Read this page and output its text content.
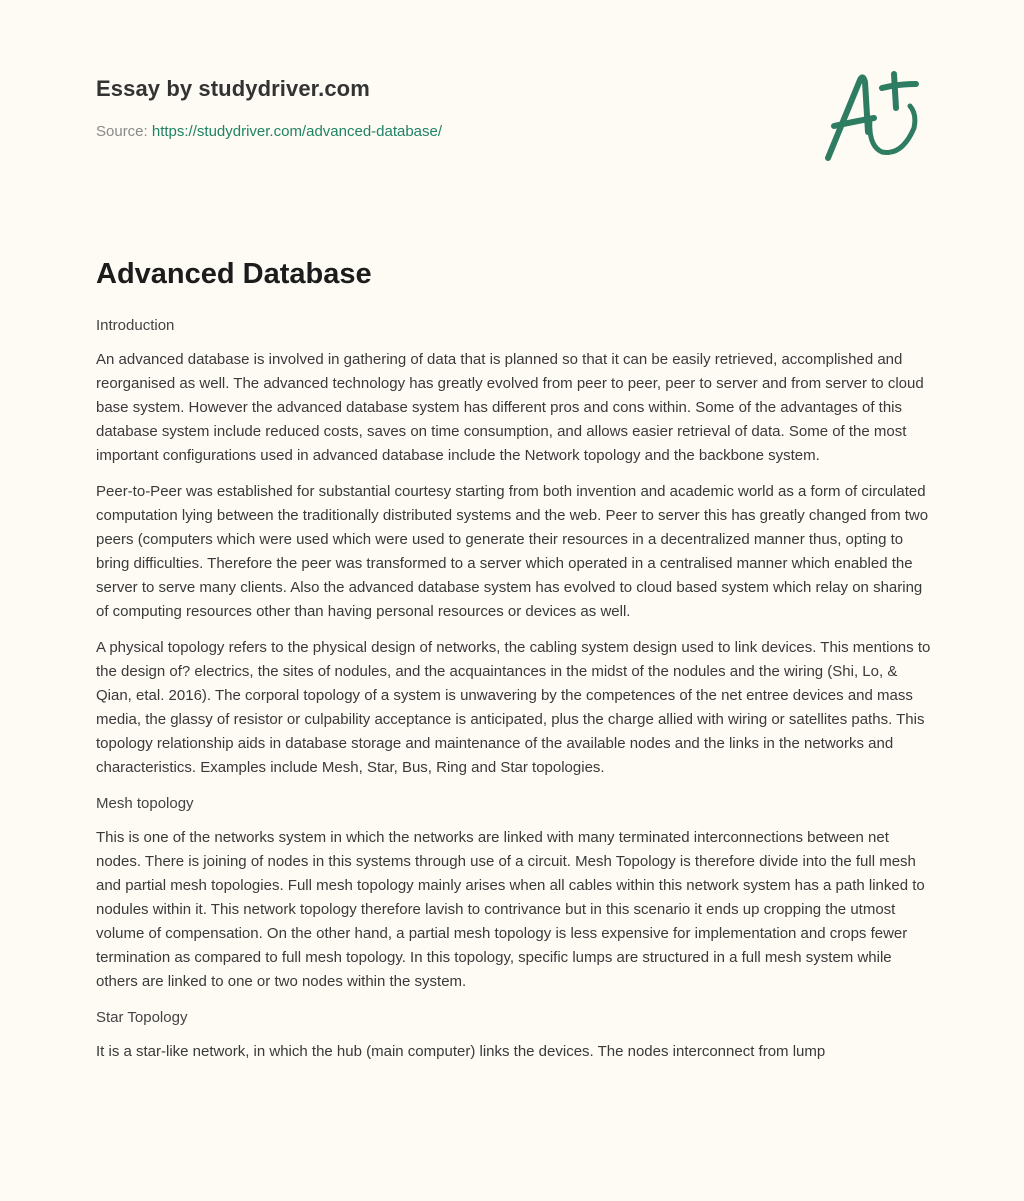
Essay by studydriver.com
Source: https://studydriver.com/advanced-database/
Advanced Database

Introduction

An advanced database is involved in gathering of data that is planned so that it can be easily retrieved, accomplished and reorganised as well. The advanced technology has greatly evolved from peer to peer, peer to server and from server to cloud base system. However the advanced database system has different pros and cons within. Some of the advantages of this database system include reduced costs, saves on time consumption, and allows easier retrieval of data. Some of the most important configurations used in advanced database include the Network topology and the backbone system.

Peer-to-Peer was established for substantial courtesy starting from both invention and academic world as a form of circulated computation lying between the traditionally distributed systems and the web. Peer to server this has greatly changed from two peers (computers which were used which were used to generate their resources in a decentralized manner thus, opting to bring difficulties. Therefore the peer was transformed to a server which operated in a centralised manner which enabled the server to serve many clients. Also the advanced database system has evolved to cloud based system which relay on sharing of computing resources other than having personal resources or devices as well.

A physical topology refers to the physical design of networks, the cabling system design used to link devices. This mentions to the design of? electrics, the sites of nodules, and the acquaintances in the midst of the nodules and the wiring (Shi, Lo, & Qian, etal. 2016). The corporal topology of a system is unwavering by the competences of the net entree devices and mass media, the glassy of resistor or culpability acceptance is anticipated, plus the charge allied with wiring or satellites paths. This topology relationship aids in database storage and maintenance of the available nodes and the links in the networks and characteristics. Examples include Mesh, Star, Bus, Ring and Star topologies.

Mesh topology

This is one of the networks system in which the networks are linked with many terminated interconnections between net nodes. There is joining of nodes in this systems through use of a circuit. Mesh Topology is therefore divide into the full mesh and partial mesh topologies. Full mesh topology mainly arises when all cables within this network system has a path linked to nodules within it. This network topology therefore lavish to contrivance but in this scenario it ends up cropping the utmost volume of compensation. On the other hand, a partial mesh topology is less expensive for implementation and crops fewer termination as compared to full mesh topology. In this topology, specific lumps are structured in a full mesh system while others are linked to one or two nodes within the system.

Star Topology

It is a star-like network, in which the hub (main computer) links the devices. The nodes interconnect from lump
